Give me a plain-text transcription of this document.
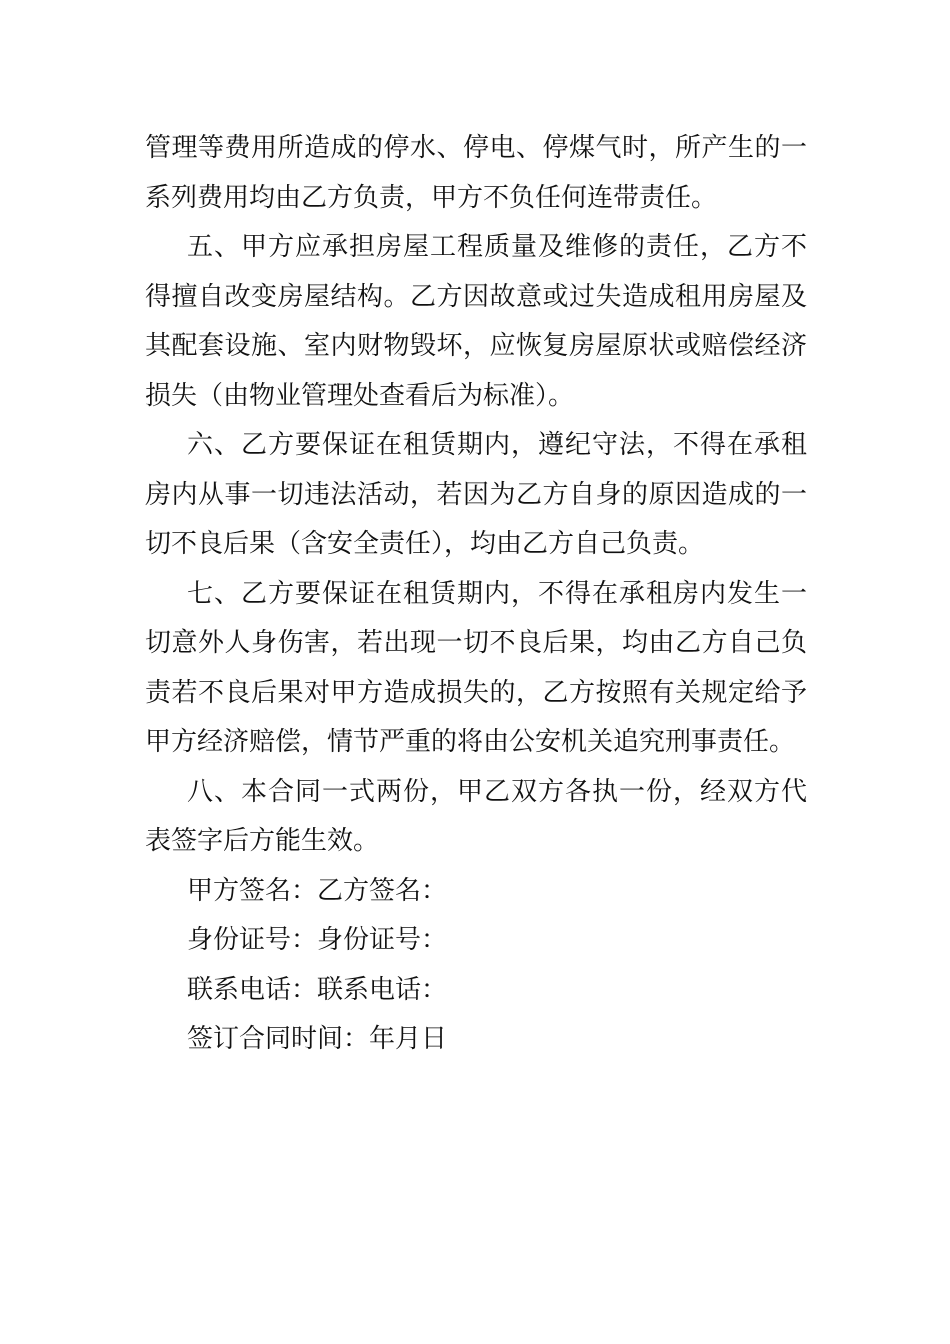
管理等费用所造成的停水、停电、停煤气时，所产生的一系列费用均由乙方负责，甲方不负任何连带责任。

五、甲方应承担房屋工程质量及维修的责任，乙方不得擅自改变房屋结构。乙方因故意或过失造成租用房屋及其配套设施、室内财物毁坏，应恢复房屋原状或赔偿经济损失（由物业管理处查看后为标准）。

六、乙方要保证在租赁期内，遵纪守法，不得在承租房内从事一切违法活动，若因为乙方自身的原因造成的一切不良后果（含安全责任），均由乙方自己负责。

七、乙方要保证在租赁期内，不得在承租房内发生一切意外人身伤害，若出现一切不良后果，均由乙方自己负责若不良后果对甲方造成损失的，乙方按照有关规定给予甲方经济赔偿，情节严重的将由公安机关追究刑事责任。

八、本合同一式两份，甲乙双方各执一份，经双方代表签字后方能生效。

甲方签名：乙方签名：

身份证号：身份证号：

联系电话：联系电话：

签订合同时间：年月日
